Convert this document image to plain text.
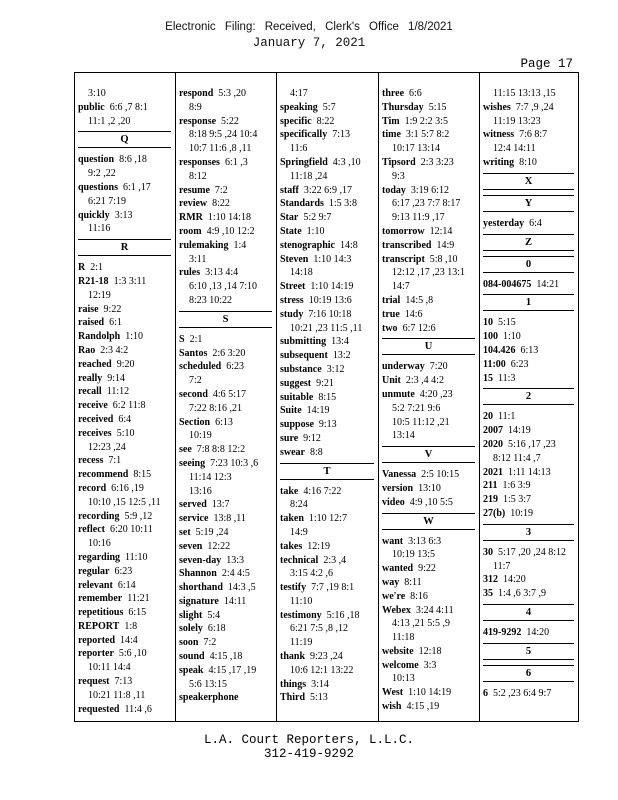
Electronic Filing: Received, Clerk's Office 1/8/2021
January 7, 2021
Page 17
3:10
public 6:6 ,7 8:1
11:1 ,2 ,20
Q
question 8:6 ,18
9:2 ,22
questions 6:1 ,17
6:21 7:19
quickly 3:13
11:16
R
R 2:1
R21-18 1:3 3:11
12:19
raise 9:22
raised 6:1
Randolph 1:10
Rao 2:3 4:2
reached 9:20
really 9:14
recall 11:12
receive 6:2 11:8
received 6:4
receives 5:10
12:23 ,24
recess 7:1
recommend 8:15
record 6:16 ,19
10:10 ,15 12:5 ,11
recording 5:9 ,12
reflect 6:20 10:11
10:16
regarding 11:10
regular 6:23
relevant 6:14
remember 11:21
repetitious 6:15
REPORT 1:8
reported 14:4
reporter 5:6 ,10
10:11 14:4
request 7:13
10:21 11:8 ,11
requested 11:4 ,6
respond 5:3 ,20
8:9
response 5:22
8:18 9:5 ,24 10:4
10:7 11:6 ,8 ,11
responses 6:1 ,3
8:12
resume 7:2
review 8:22
RMR 1:10 14:18
room 4:9 ,10 12:2
rulemaking 1:4
3:11
rules 3:13 4:4
6:10 ,13 ,14 7:10
8:23 10:22
S
S 2:1
Santos 2:6 3:20
scheduled 6:23
7:2
second 4:6 5:17
7:22 8:16 ,21
Section 6:13
10:19
see 7:8 8:8 12:2
seeing 7:23 10:3 ,6
11:14 12:3
13:16
served 13:7
service 13:8 ,11
set 5:19 ,24
seven 12:22
seven-day 13:3
Shannon 2:4 4:5
shorthand 14:3 ,5
signature 14:11
slight 5:4
solely 6:18
soon 7:2
sound 4:15 ,18
speak 4:15 ,17 ,19
5:6 13:15
speakerphone
4:17
speaking 5:7
specific 8:22
specifically 7:13
11:6
Springfield 4:3 ,10
11:18 ,24
staff 3:22 6:9 ,17
Standards 1:5 3:8
Star 5:2 9:7
State 1:10
stenographic 14:8
Steven 1:10 14:3
14:18
Street 1:10 14:19
stress 10:19 13:6
study 7:16 10:18
10:21 ,23 11:5 ,11
submitting 13:4
subsequent 13:2
substance 3:12
suggest 9:21
suitable 8:15
Suite 14:19
suppose 9:13
sure 9:12
swear 8:8
T
take 4:16 7:22
8:24
taken 1:10 12:7
14:9
takes 12:19
technical 2:3 ,4
3:15 4:2 ,6
testify 7:7 ,19 8:1
11:10
testimony 5:16 ,18
6:21 7:5 ,8 ,12
11:19
thank 9:23 ,24
10:6 12:1 13:22
things 3:14
Third 5:13
three 6:6
Thursday 5:15
Tim 1:9 2:2 3:5
time 3:1 5:7 8:2
10:17 13:14
Tipsord 2:3 3:23
9:3
today 3:19 6:12
6:17 ,23 7:7 8:17
9:13 11:9 ,17
tomorrow 12:14
transcribed 14:9
transcript 5:8 ,10
12:12 ,17 ,23 13:1
14:7
trial 14:5 ,8
true 14:6
two 6:7 12:6
U
underway 7:20
Unit 2:3 ,4 4:2
unmute 4:20 ,23
5:2 7:21 9:6
10:5 11:12 ,21
13:14
V
Vanessa 2:5 10:15
version 13:10
video 4:9 ,10 5:5
W
want 3:13 6:3
10:19 13:5
wanted 9:22
way 8:11
we're 8:16
Webex 3:24 4:11
4:13 ,21 5:5 ,9
11:18
website 12:18
welcome 3:3
10:13
West 1:10 14:19
wish 4:15 ,19
11:15 13:13 ,15
wishes 7:7 ,9 ,24
11:19 13:23
witness 7:6 8:7
12:4 14:11
writing 8:10
X
Y
yesterday 6:4
Z
0
084-004675 14:21
1
10 5:15
100 1:10
104.426 6:13
11:00 6:23
15 11:3
2
20 11:1
2007 14:19
2020 5:16 ,17 ,23
8:12 11:4 ,7
2021 1:11 14:13
211 1:6 3:9
219 1:5 3:7
27(b) 10:19
3
30 5:17 ,20 ,24 8:12
11:7
312 14:20
35 1:4 ,6 3:7 ,9
4
419-9292 14:20
5
6
6 5:2 ,23 6:4 9:7
L.A. Court Reporters, L.L.C.
312-419-9292
